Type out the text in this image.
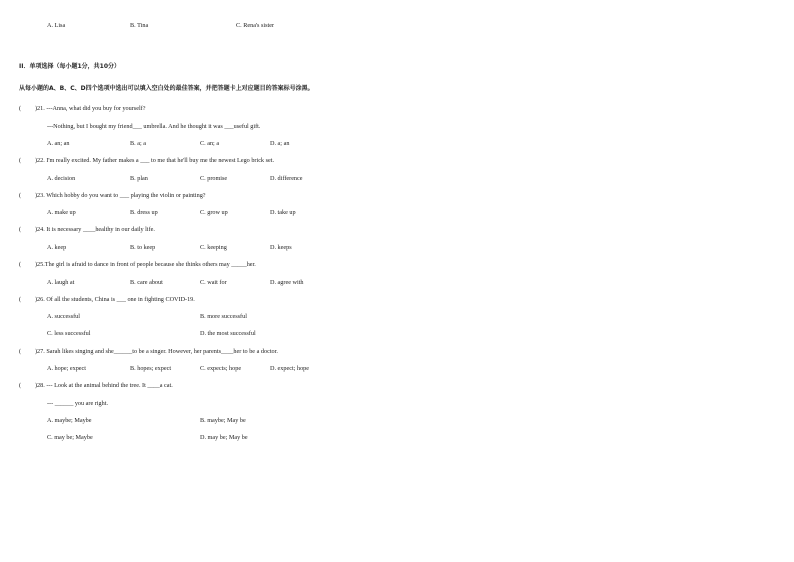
A. Lisa	B. Tina	C. Rena's sister
II．单项选择（每小题1分，共10分）
从每小题的A、B、C、D四个选项中选出可以填入空白处的最佳答案，并把答题卡上对应题目的答案标号涂黑。
( )21. ---Anna, what did you buy for yourself?
---Nothing, but I bought my friend___ umbrella. And he thought it was ___useful gift.
A. an; an	B. a; a	C. an; a	D. a; an
( )22. I'm really excited. My father makes a ___ to me that he'll buy me the newest Lego brick set.
A. decision	B. plan	C. promise	D. difference
( )23. Which hobby do you want to ___ playing the violin or painting?
A. make up	B. dress up	C. grow up	D. take up
( )24. It is necessary ____healthy in our daily life.
A. keep	B. to keep	C. keeping	D. keeps
( )25.The girl is afraid to dance in front of people because she thinks others may _____her.
A. laugh at	B. care about	C. wait for	D. agree with
( )26. Of all the students, China is ___ one in fighting COVID-19.
A. successful	B. more successful
C. less successful	D. the most successful
( )27. Sarah likes singing and she______to be a singer. However, her parents____her to be a doctor.
A. hope; expect	B. hopes; expect	C. expects; hope	D. expect; hope
( )28. --- Look at the animal behind the tree. It ____a cat.
--- ______ you are right.
A. maybe; Maybe	B. maybe; May be
C. may be; Maybe	D. may be; May be
